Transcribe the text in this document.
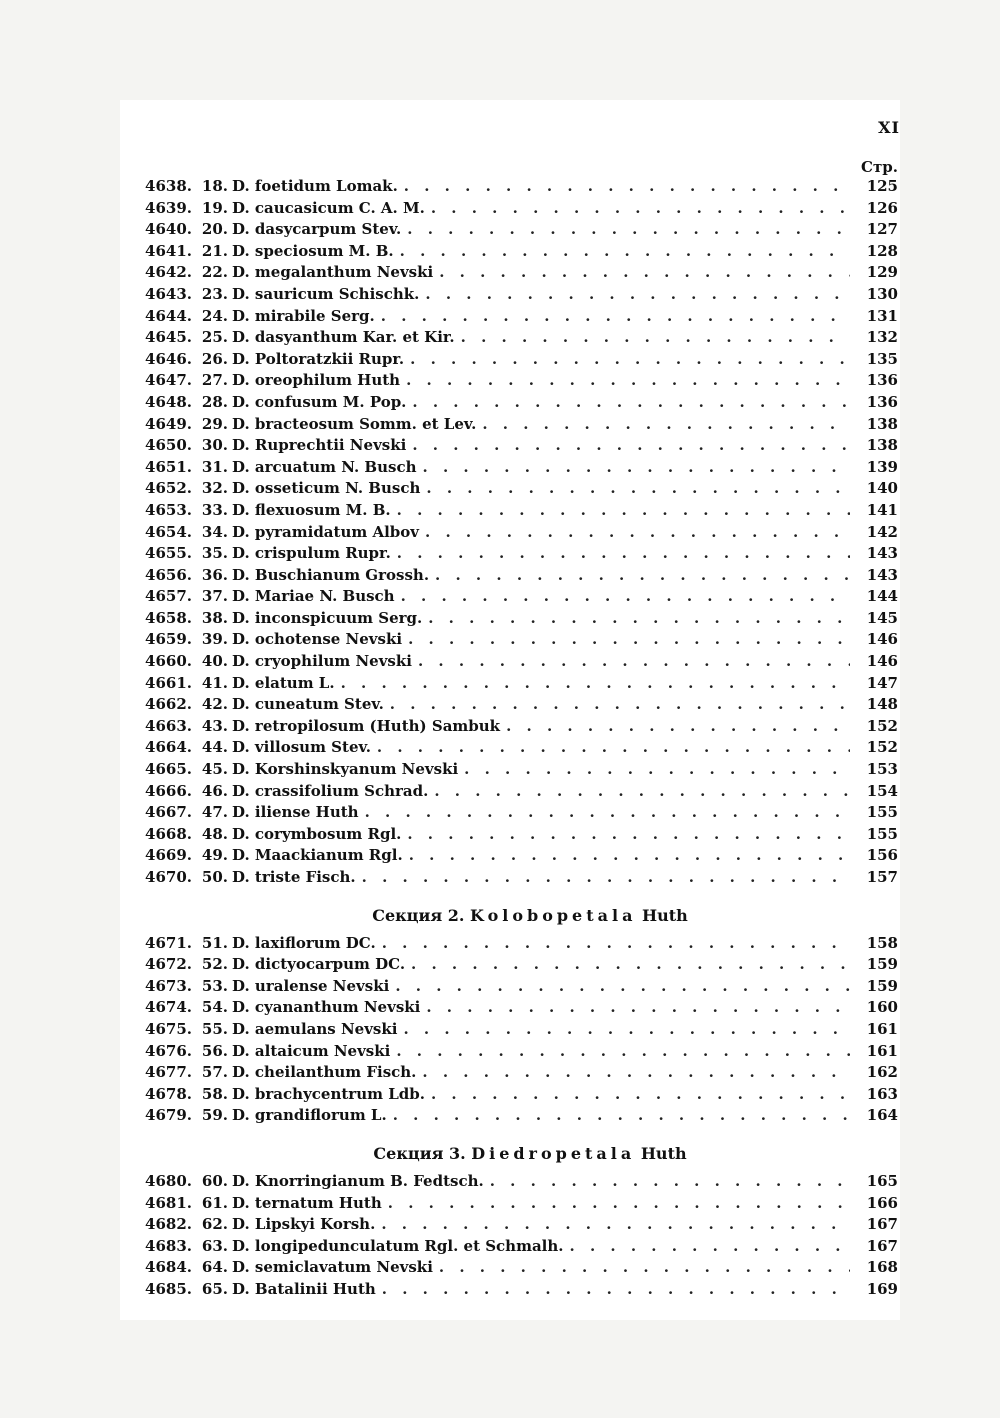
XI
Стр.
4638. 18. D. foetidum Lomak. . . .	125
4639. 19. D. caucasicum C. A. M. . . .	126
4640. 20. D. dasycarpum Stev. . . .	127
4641. 21. D. speciosum M. B. . . .	128
4642. 22. D. megalanthum Nevski . . .	129
4643. 23. D. sauricum Schischk. . . .	130
4644. 24. D. mirabile Serg. . . .	131
4645. 25. D. dasyanthum Kar. et Kir. . . .	132
4646. 26. D. Poltoratzkii Rupr. . . .	135
4647. 27. D. oreophilum Huth . . .	136
4648. 28. D. confusum M. Pop. . . .	136
4649. 29. D. bracteosum Somm. et Lev. . . .	138
4650. 30. D. Ruprechtii Nevski . . .	138
4651. 31. D. arcuatum N. Busch . . .	139
4652. 32. D. osseticum N. Busch . . .	140
4653. 33. D. flexuosum M. B. . . .	141
4654. 34. D. pyramidatum Albov . . .	142
4655. 35. D. crispulum Rupr. . . .	143
4656. 36. D. Buschianum Grossh. . . .	143
4657. 37. D. Mariae N. Busch . . .	144
4658. 38. D. inconspicuum Serg. . . .	145
4659. 39. D. ochotense Nevski . . .	146
4660. 40. D. cryophilum Nevski . . .	146
4661. 41. D. elatum L. . . .	147
4662. 42. D. cuneatum Stev. . . .	148
4663. 43. D. retropilosum (Huth) Sambuk . . .	152
4664. 44. D. villosum Stev. . . .	152
4665. 45. D. Korshinskyanum Nevski . . .	153
4666. 46. D. crassifolium Schrad. . . .	154
4667. 47. D. iliense Huth . . .	155
4668. 48. D. corymbosum Rgl. . . .	155
4669. 49. D. Maackianum Rgl. . . .	156
4670. 50. D. triste Fisch. . . .	157
Секция 2. Kolobopetala Huth
4671. 51. D. laxiflorum DC. . . .	158
4672. 52. D. dictyocarpum DC. . . .	159
4673. 53. D. uralense Nevski . . .	159
4674. 54. D. cyananthum Nevski . . .	160
4675. 55. D. aemulans Nevski . . .	161
4676. 56. D. altaicum Nevski . . .	161
4677. 57. D. cheilanthum Fisch. . . .	162
4678. 58. D. brachycentrum Ldb. . . .	163
4679. 59. D. grandiflorum L. . . .	164
Секция 3. Diedropetala Huth
4680. 60. D. Knorringianum B. Fedtsch. . . .	165
4681. 61. D. ternatum Huth . . .	166
4682. 62. D. Lipskyi Korsh. . . .	167
4683. 63. D. longipedunculatum Rgl. et Schmalh. . . .	167
4684. 64. D. semiclavatum Nevski . . .	168
4685. 65. D. Batalinii Huth . . .	169
